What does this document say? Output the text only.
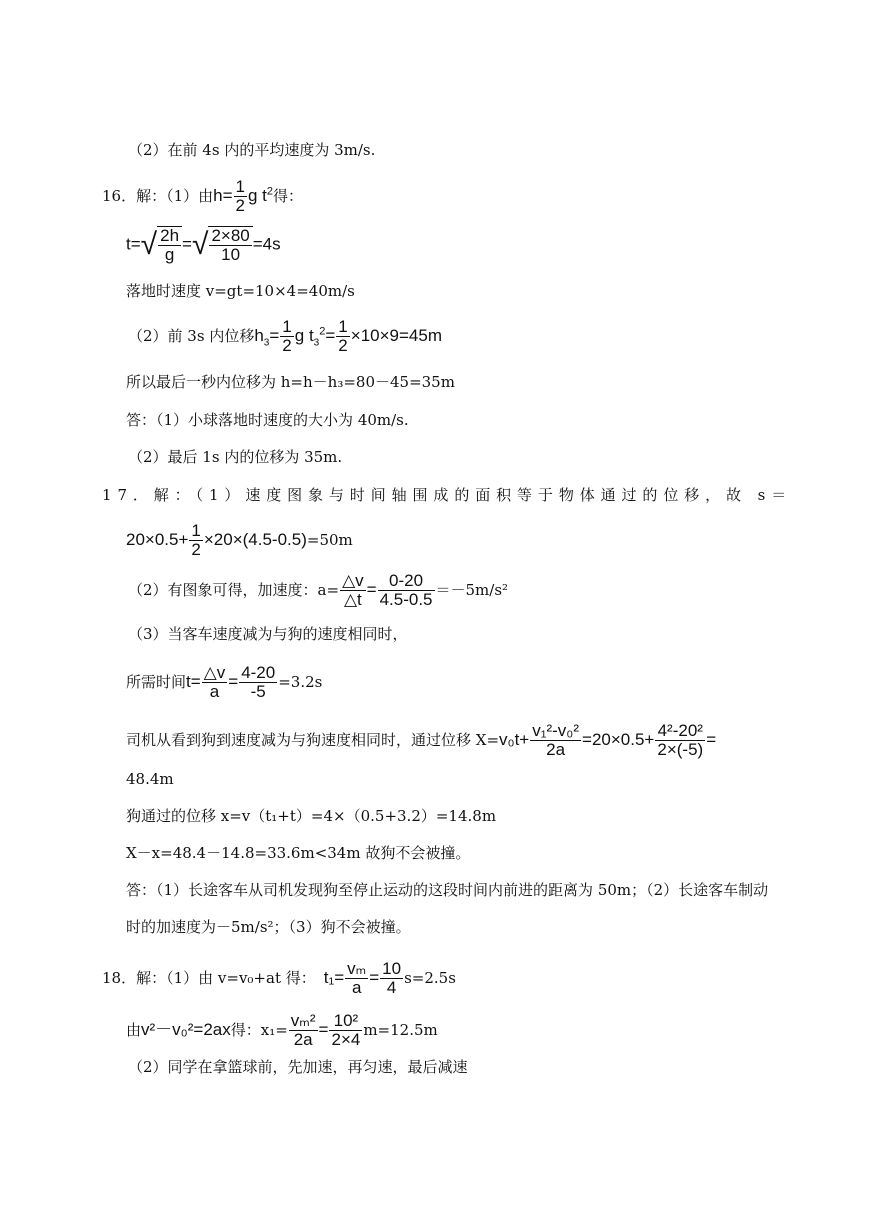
（2）在前 4s 内的平均速度为 3m/s.
16．解：（1）由$h= \frac{1}{2}$ g $t^2$得：
$t=√ \frac{2h}{g}$ =√ $\frac{2\times 80}{10} =4s$
落地时速度 v=gt=10×4=40m/s
（2）前 3s 内位移$h_3= \frac{1}{2}$ g $t_3^2= \frac{1}{2} \times 10\times 9=45m$
所以最后一秒内位移为 h=h－h₃=80－45=35m
答：（1）小球落地时速度的大小为 40m/s.
（2）最后 1s 内的位移为 35m.
17．解：（1）速度图象与时间轴围成的面积等于物体通过的位移，故 s＝
$20\times 0.5+ \frac{1}{2} \times 20\times(4.5-0.5)=50m$
（2）有图象可得，加速度：$a= \frac{\triangle v}{\triangle t} = \frac{0-20}{4.5-0.5} =-5m/s^2$
（3）当客车速度减为与狗的速度相同时，
所需时间$t= \frac{\triangle v}{a} = \frac{4-20}{-5} =3.2s$
司机从看到狗到速度减为与狗速度相同时，通过位移 $X=v_0t+ \frac{\text{v₁²-v₀²}}{2a} =20\times 0.5+ \frac{\text{4²-20²}}{2\times(-5)}$ =
48.4m
狗通过的位移 x=v（t₁+t）=4×（0.5+3.2）=14.8m
X－x=48.4－14.8=33.6m<34m 故狗不会被撞。
答：（1）长途客车从司机发现狗至停止运动的这段时间内前进的距离为 50m；（2）长途客车制动
时的加速度为－5m/s²；（3）狗不会被撞。
18．解：（1）由 v=v₀+at 得： $t_1= \frac{\text{vₘ}}{a} = \frac{10}{4} s=2.5s$
由v²－v₀²=2ax得：$x_1= \frac{\text{vₘ²}}{2a} = \frac{\text{10²}}{2\times 4} m=12.5m$
（2）同学在拿篮球前，先加速，再匀速，最后减速
